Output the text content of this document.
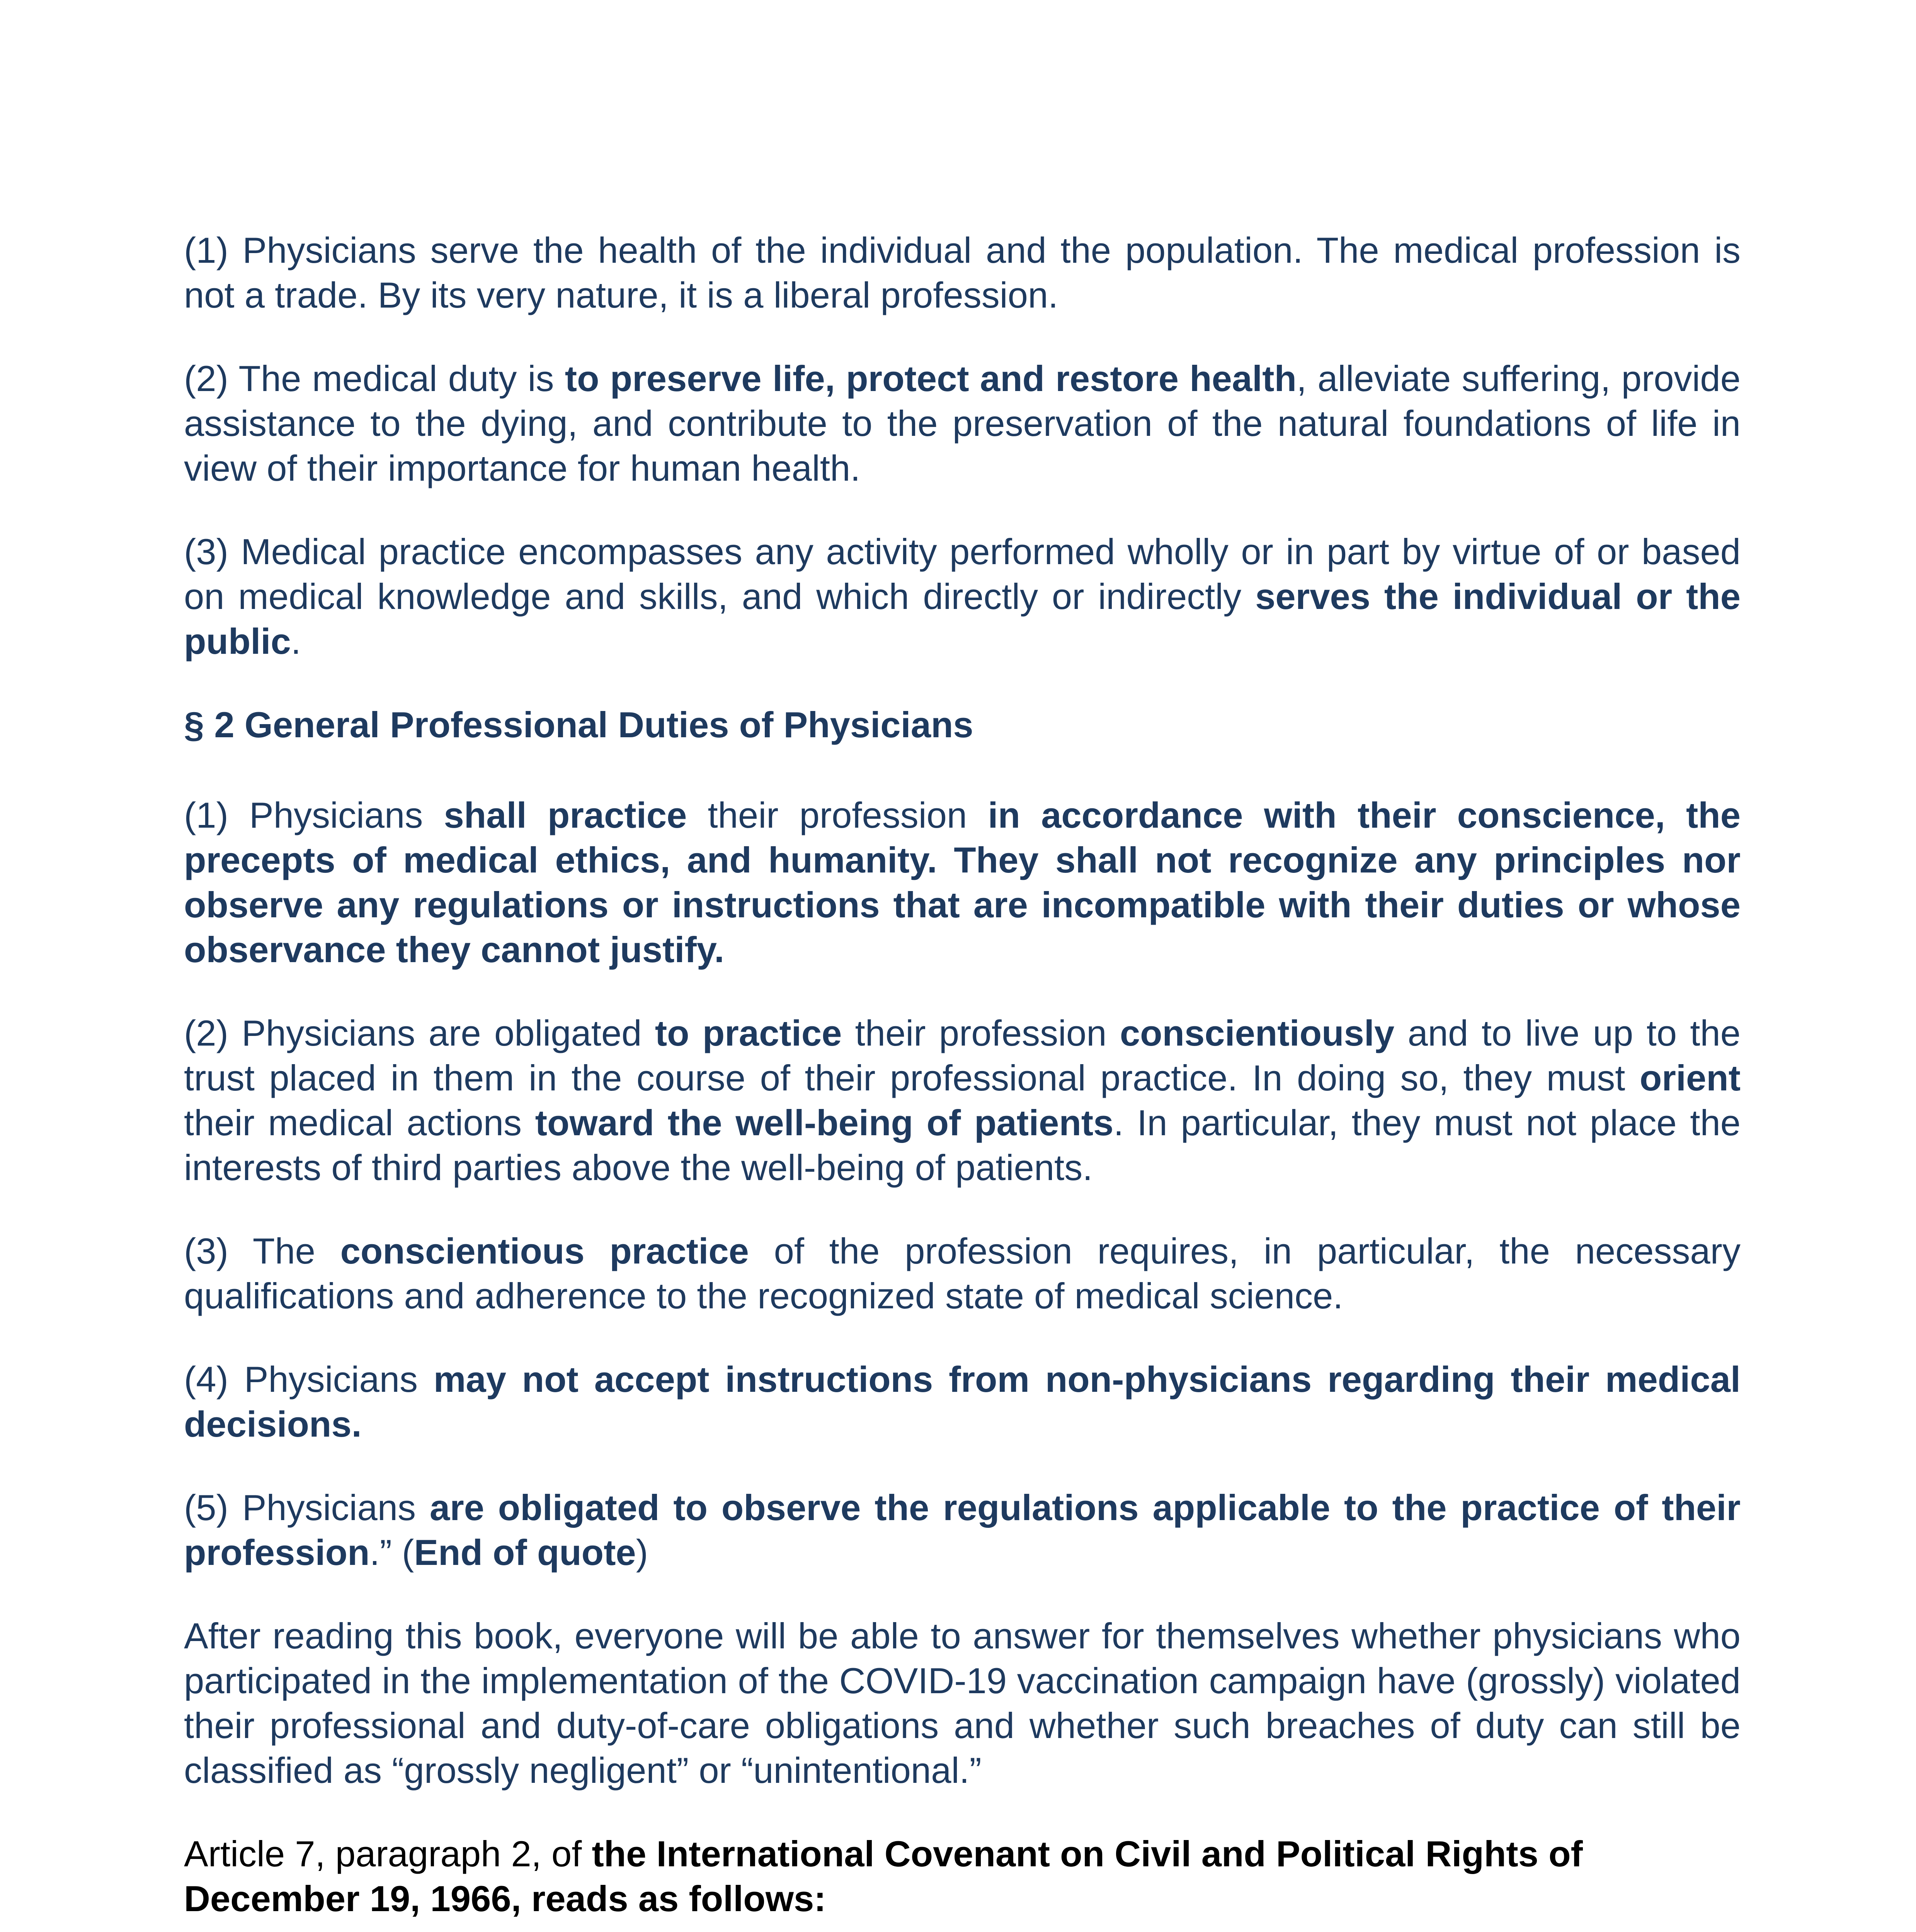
(1) Physicians serve the health of the individual and the population. The medical profession is not a trade. By its very nature, it is a liberal profession.

(2) The medical duty is to preserve life, protect and restore health, alleviate suffering, provide assistance to the dying, and contribute to the preservation of the natural foundations of life in view of their importance for human health.

(3) Medical practice encompasses any activity performed wholly or in part by virtue of or based on medical knowledge and skills, and which directly or indirectly serves the individual or the public.

§ 2 General Professional Duties of Physicians

(1) Physicians shall practice their profession in accordance with their conscience, the precepts of medical ethics, and humanity. They shall not recognize any principles nor observe any regulations or instructions that are incompatible with their duties or whose observance they cannot justify.

(2) Physicians are obligated to practice their profession conscientiously and to live up to the trust placed in them in the course of their professional practice. In doing so, they must orient their medical actions toward the well-being of patients. In particular, they must not place the interests of third parties above the well-being of patients.

(3) The conscientious practice of the profession requires, in particular, the necessary qualifications and adherence to the recognized state of medical science.

(4) Physicians may not accept instructions from non-physicians regarding their medical decisions.

(5) Physicians are obligated to observe the regulations applicable to the practice of their profession.” (End of quote)

After reading this book, everyone will be able to answer for themselves whether physicians who participated in the implementation of the COVID-19 vaccination campaign have (grossly) violated their professional and duty-of-care obligations and whether such breaches of duty can still be classified as “grossly negligent” or “unintentional.”

Article 7, paragraph 2, of the International Covenant on Civil and Political Rights of December 19, 1966, reads as follows:
